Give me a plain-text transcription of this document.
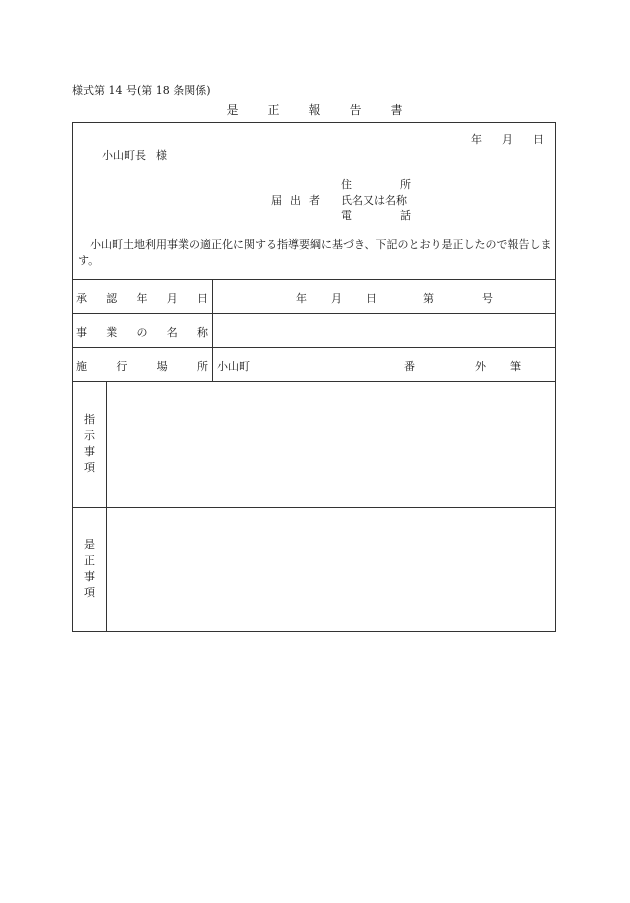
様式第 14 号(第 18 条関係)
是 正 報 告 書
年 月 日
小山町長 様
届 出 者
住	所
氏名又は名称
電	話
小山町土地利用事業の適正化に関する指導要綱に基づき、下記のとおり是正したので報告します。
承 認 年 月 日	年 月 日	第	号
事 業 の 名 称
施	行	場	所 小山町	番	外 筆
指
示
事
項
是
正
事
項
